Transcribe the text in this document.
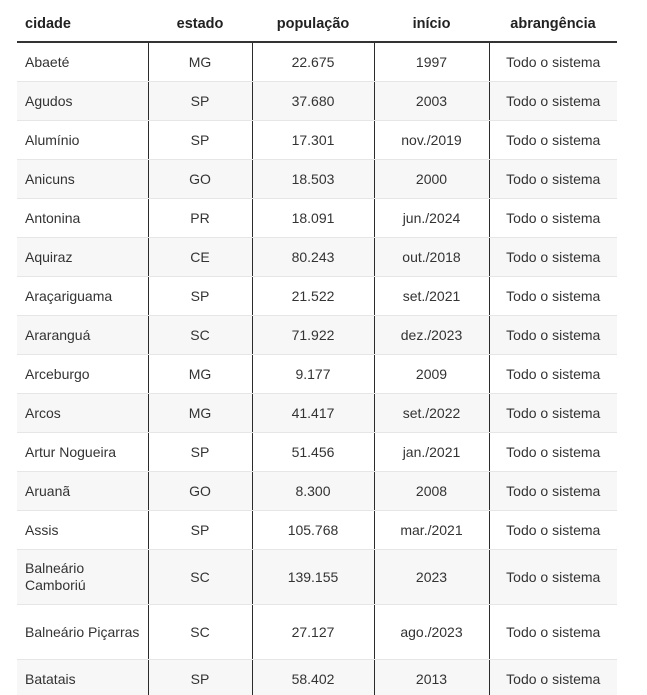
cidade	estado	população	início	abrangência
Abaeté	MG	22.675	1997	Todo o sistema
Agudos	SP	37.680	2003	Todo o sistema
Alumínio	SP	17.301	nov./2019	Todo o sistema
Anicuns	GO	18.503	2000	Todo o sistema
Antonina	PR	18.091	jun./2024	Todo o sistema
Aquiraz	CE	80.243	out./2018	Todo o sistema
Araçariguama	SP	21.522	set./2021	Todo o sistema
Araranguá	SC	71.922	dez./2023	Todo o sistema
Arceburgo	MG	9.177	2009	Todo o sistema
Arcos	MG	41.417	set./2022	Todo o sistema
Artur Nogueira	SP	51.456	jan./2021	Todo o sistema
Aruanã	GO	8.300	2008	Todo o sistema
Assis	SP	105.768	mar./2021	Todo o sistema
Balneário Camboriú	SC	139.155	2023	Todo o sistema
Balneário Piçarras	SC	27.127	ago./2023	Todo o sistema
Batatais	SP	58.402	2013	Todo o sistema
